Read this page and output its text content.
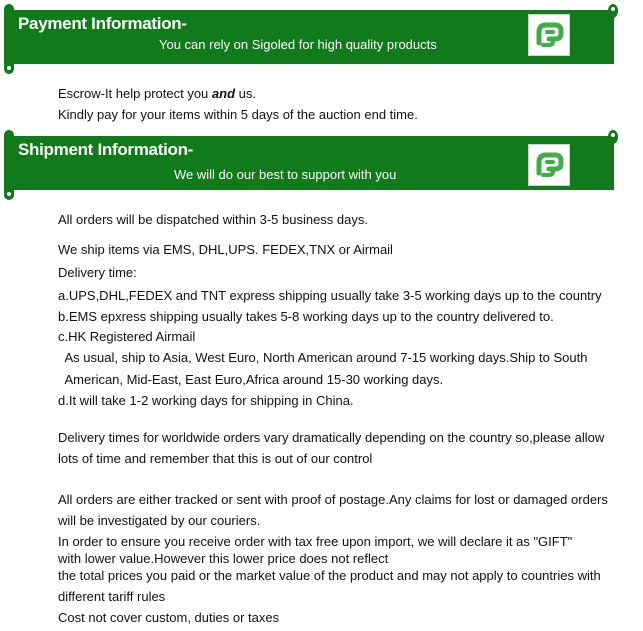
Payment Information-
You can rely on Sigoled for high quality products
Escrow-It help protect you and us.
Kindly pay for your items within 5 days of the auction end time.
Shipment Information-
We will do our best to support with you
All orders will be dispatched within 3-5 business days.
We ship items via EMS, DHL,UPS. FEDEX,TNX or Airmail
Delivery time:
a.UPS,DHL,FEDEX and TNT express shipping usually take 3-5 working days up to the country
b.EMS epxress shipping usually takes 5-8 working days up to the country delivered to.
c.HK Registered Airmail
As usual, ship to Asia, West Euro, North American around 7-15 working days.Ship to South
American, Mid-East, East Euro,Africa around 15-30 working days.
d.It will take 1-2 working days for shipping in China.
Delivery times for worldwide orders vary dramatically depending on the country so,please allow
lots of time and remember that this is out of our control
All orders are either tracked or sent with proof of postage.Any claims for lost or damaged orders
will be investigated by our couriers.
In order to ensure you receive order with tax free upon import, we will declare it as "GIFT"
with lower value.However this lower price does not reflect
the total prices you paid or the market value of the product and may not apply to countries with
different tariff rules
Cost not cover custom, duties or taxes
